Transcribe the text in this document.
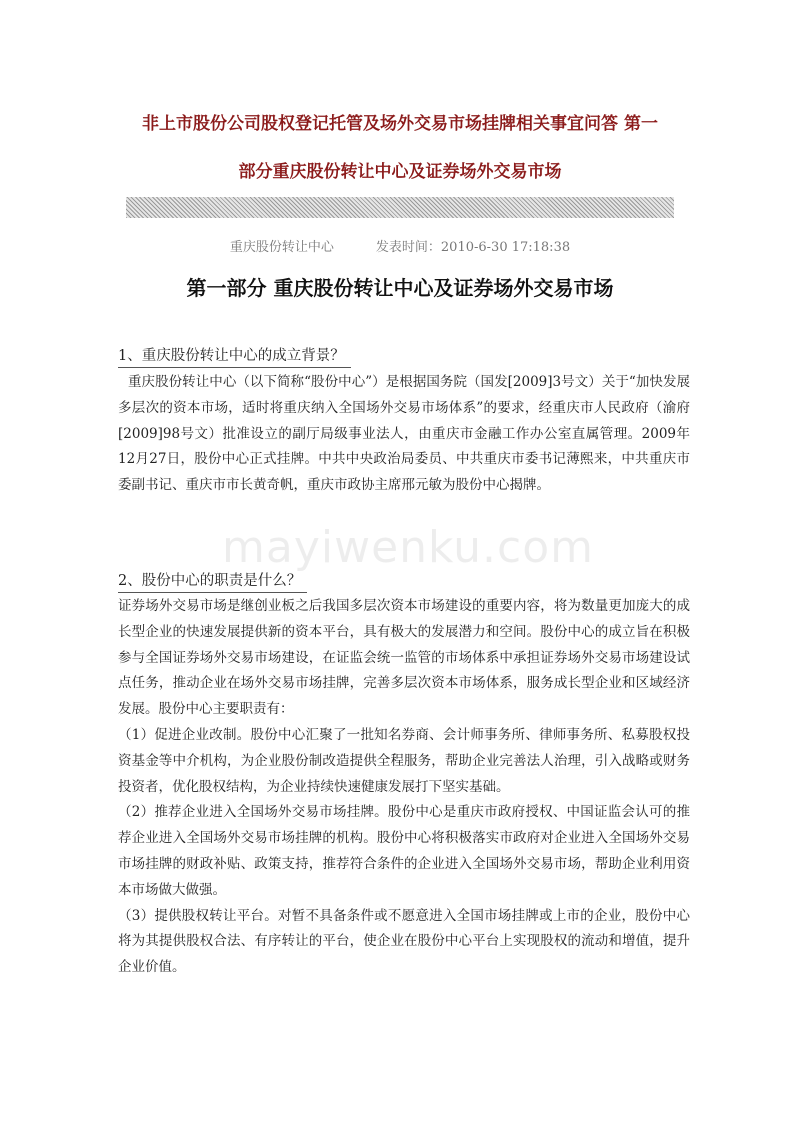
非上市股份公司股权登记托管及场外交易市场挂牌相关事宜问答 第一
部分重庆股份转让中心及证券场外交易市场
重庆股份转让中心	发表时间：2010-6-30 17:18:38
第一部分 重庆股份转让中心及证券场外交易市场
1、重庆股份转让中心的成立背景？
重庆股份转让中心（以下简称“股份中心”）是根据国务院（国发[2009]3号文）关于“加快发展多层次的资本市场，适时将重庆纳入全国场外交易市场体系”的要求，经重庆市人民政府（渝府[2009]98号文）批准设立的副厅局级事业法人，由重庆市金融工作办公室直属管理。2009年12月27日，股份中心正式挂牌。中共中央政治局委员、中共重庆市委书记薄熙来，中共重庆市委副书记、重庆市市长黄奇帆，重庆市政协主席邢元敏为股份中心揭牌。
mayiwenku.com
2、股份中心的职责是什么？
证券场外交易市场是继创业板之后我国多层次资本市场建设的重要内容，将为数量更加庞大的成长型企业的快速发展提供新的资本平台，具有极大的发展潜力和空间。股份中心的成立旨在积极参与全国证券场外交易市场建设，在证监会统一监管的市场体系中承担证券场外交易市场建设试点任务，推动企业在场外交易市场挂牌，完善多层次资本市场体系，服务成长型企业和区域经济发展。股份中心主要职责有：
（1）促进企业改制。股份中心汇聚了一批知名券商、会计师事务所、律师事务所、私募股权投资基金等中介机构，为企业股份制改造提供全程服务，帮助企业完善法人治理，引入战略或财务投资者，优化股权结构，为企业持续快速健康发展打下坚实基础。
（2）推荐企业进入全国场外交易市场挂牌。股份中心是重庆市政府授权、中国证监会认可的推荐企业进入全国场外交易市场挂牌的机构。股份中心将积极落实市政府对企业进入全国场外交易市场挂牌的财政补贴、政策支持，推荐符合条件的企业进入全国场外交易市场，帮助企业利用资本市场做大做强。
（3）提供股权转让平台。对暂不具备条件或不愿意进入全国市场挂牌或上市的企业，股份中心将为其提供股权合法、有序转让的平台，使企业在股份中心平台上实现股权的流动和增值，提升企业价值。
